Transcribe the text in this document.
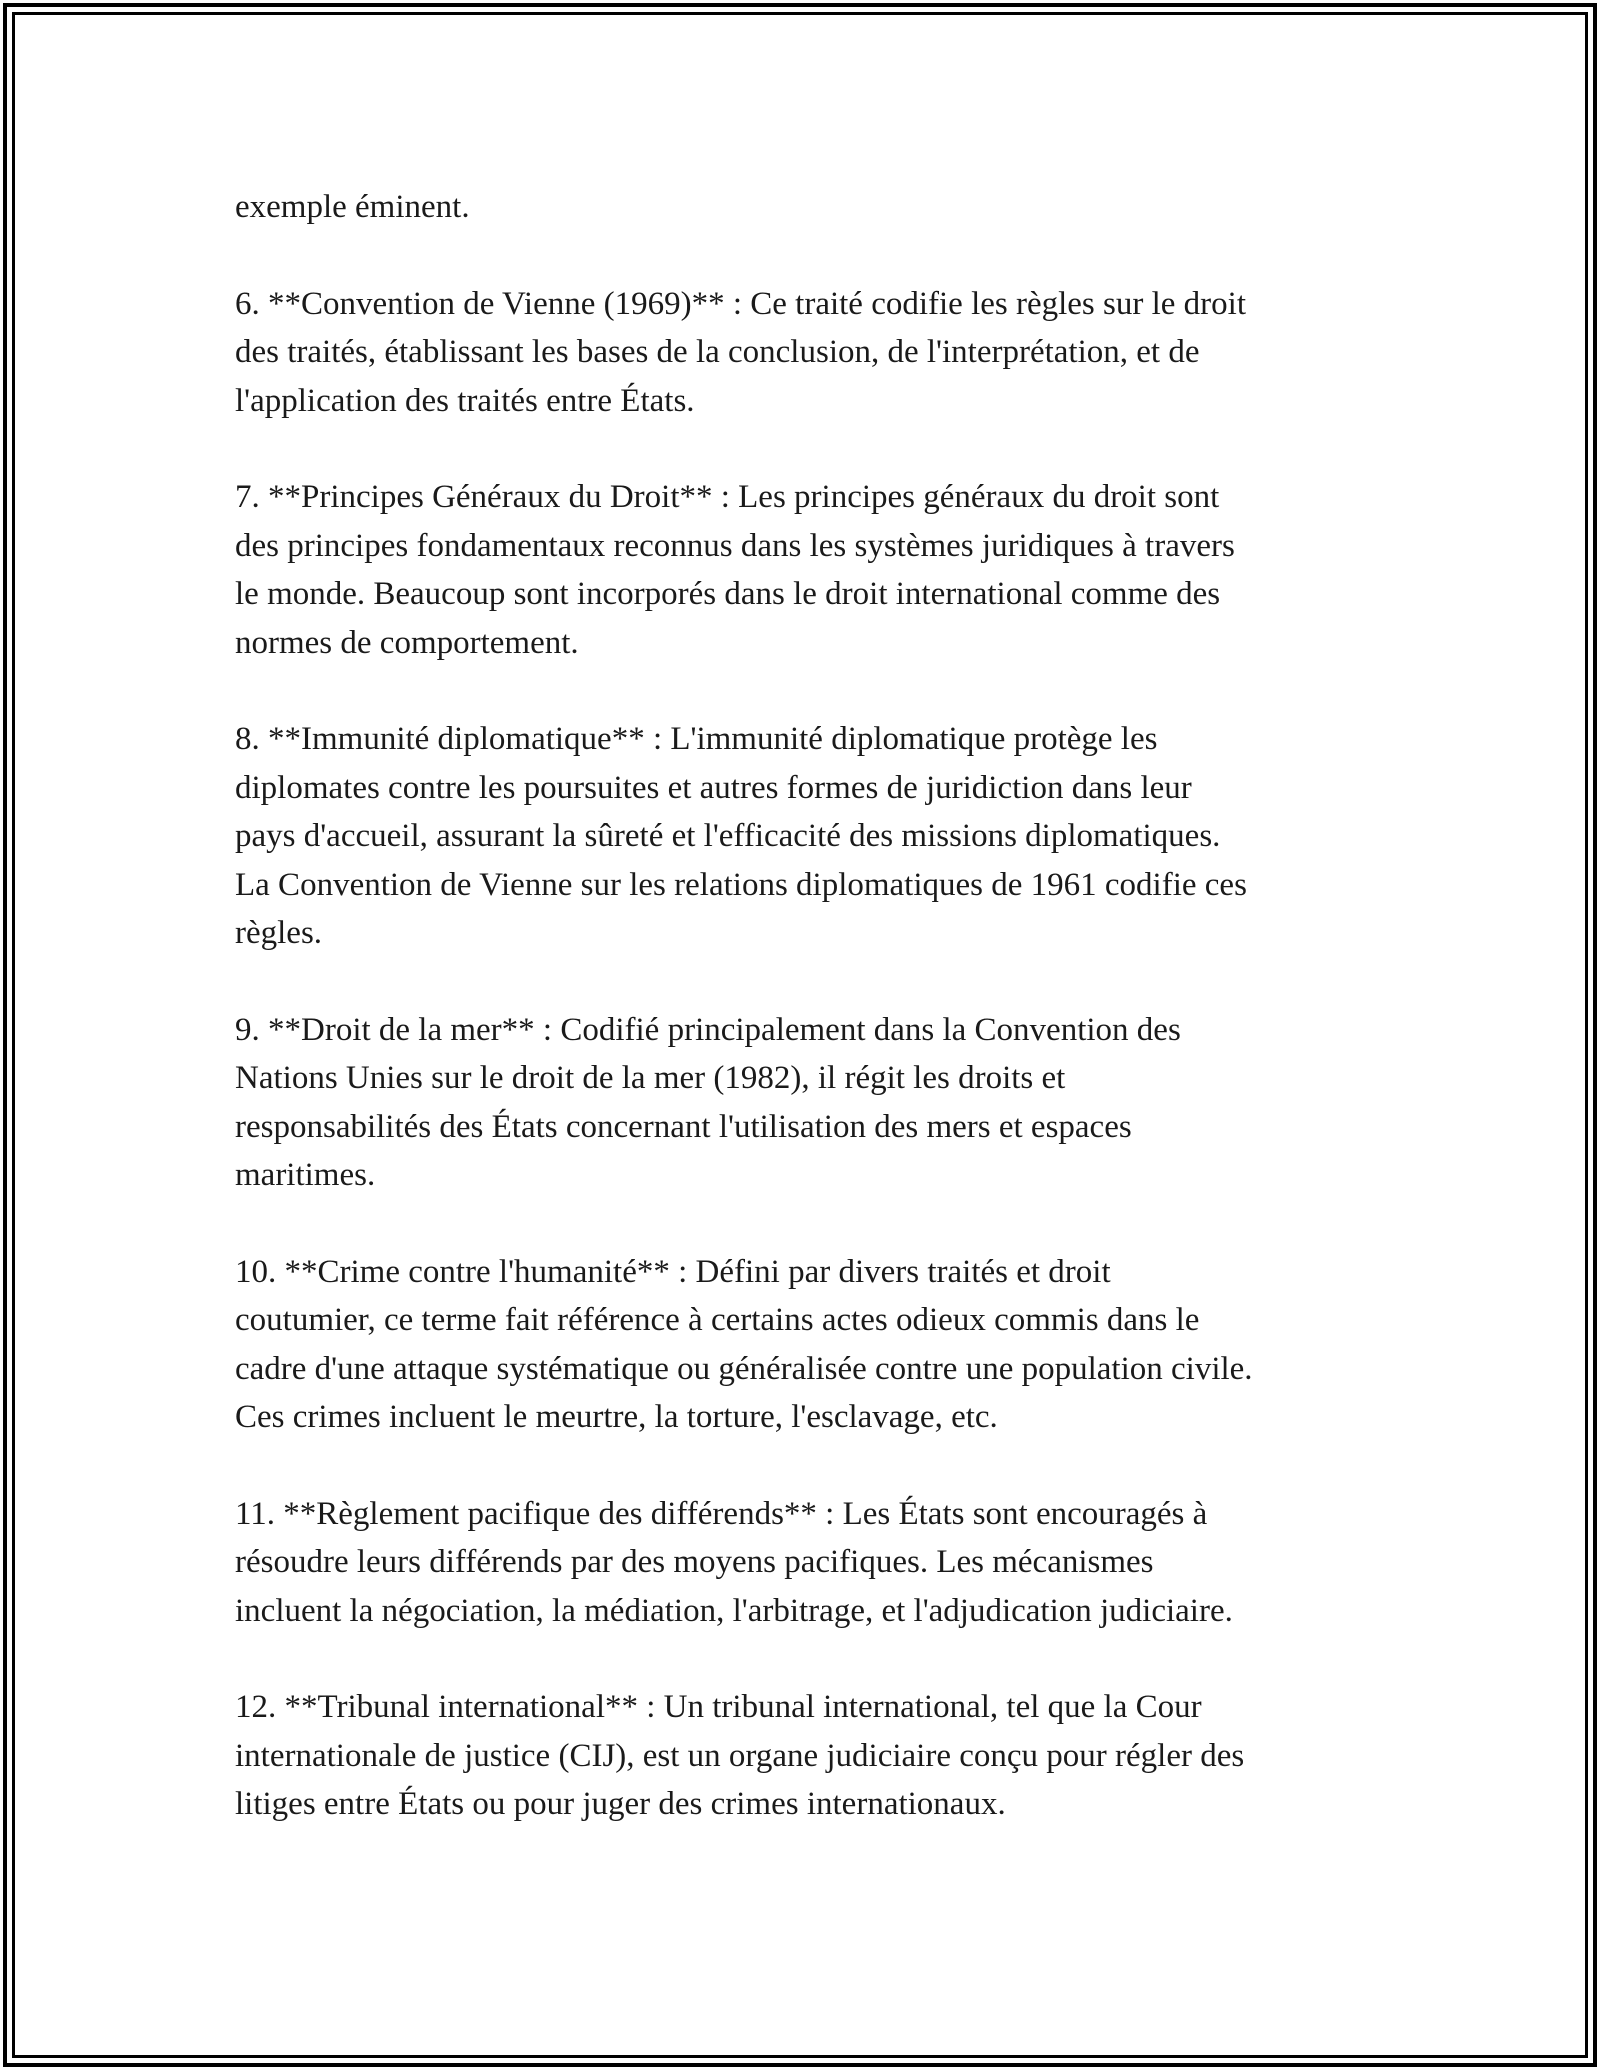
exemple éminent.

6. **Convention de Vienne (1969)** : Ce traité codifie les règles sur le droit
des traités, établissant les bases de la conclusion, de l'interprétation, et de
l'application des traités entre États.

7. **Principes Généraux du Droit** : Les principes généraux du droit sont
des principes fondamentaux reconnus dans les systèmes juridiques à travers
le monde. Beaucoup sont incorporés dans le droit international comme des
normes de comportement.

8. **Immunité diplomatique** : L'immunité diplomatique protège les
diplomates contre les poursuites et autres formes de juridiction dans leur
pays d'accueil, assurant la sûreté et l'efficacité des missions diplomatiques.
La Convention de Vienne sur les relations diplomatiques de 1961 codifie ces
règles.

9. **Droit de la mer** : Codifié principalement dans la Convention des
Nations Unies sur le droit de la mer (1982), il régit les droits et
responsabilités des États concernant l'utilisation des mers et espaces
maritimes.

10. **Crime contre l'humanité** : Défini par divers traités et droit
coutumier, ce terme fait référence à certains actes odieux commis dans le
cadre d'une attaque systématique ou généralisée contre une population civile.
Ces crimes incluent le meurtre, la torture, l'esclavage, etc.

11. **Règlement pacifique des différends** : Les États sont encouragés à
résoudre leurs différends par des moyens pacifiques. Les mécanismes
incluent la négociation, la médiation, l'arbitrage, et l'adjudication judiciaire.

12. **Tribunal international** : Un tribunal international, tel que la Cour
internationale de justice (CIJ), est un organe judiciaire conçu pour régler des
litiges entre États ou pour juger des crimes internationaux.
